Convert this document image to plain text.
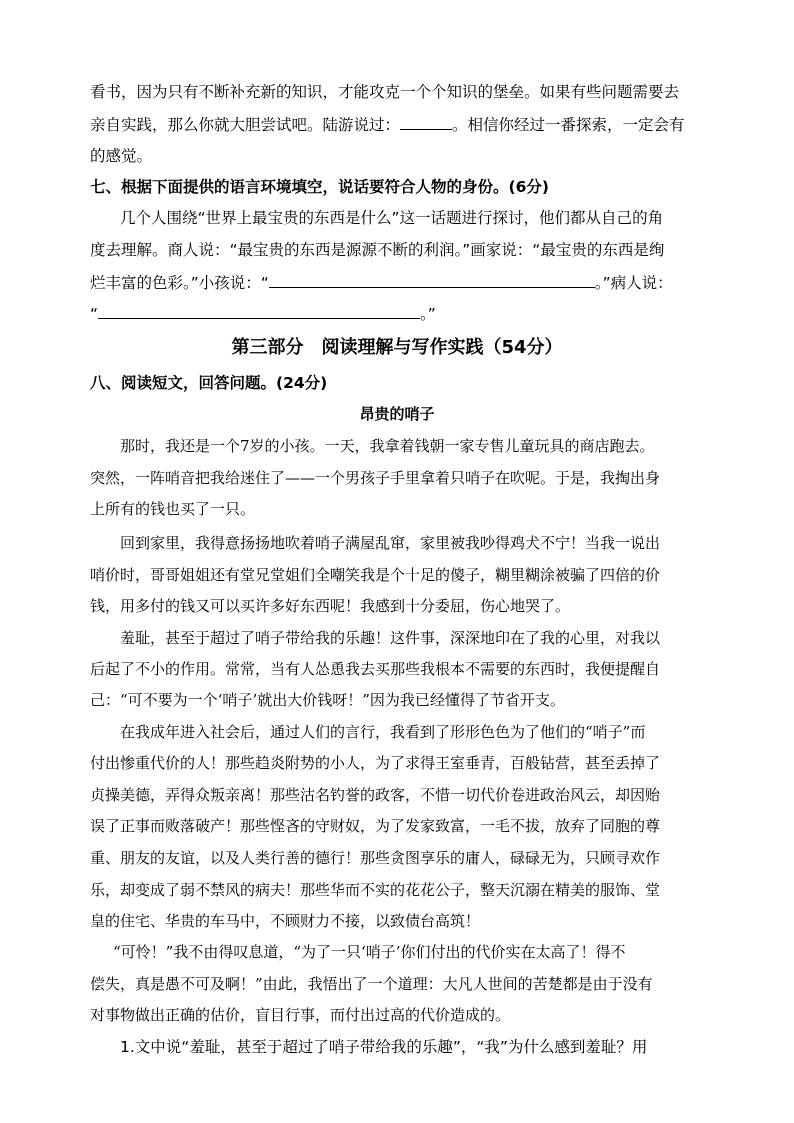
看书，因为只有不断补充新的知识，才能攻克一个个知识的堡垒。如果有些问题需要去
亲自实践，那么你就大胆尝试吧。陆游说过：	。相信你经过一番探索，一定会有
的感觉。
七、根据下面提供的语言环境填空，说话要符合人物的身份。(6分)
几个人围绕“世界上最宝贵的东西是什么”这一话题进行探讨，他们都从自己的角
度去理解。商人说：“最宝贵的东西是源源不断的利润。”画家说：“最宝贵的东西是绚
烂丰富的色彩。”小孩说：“	。”病人说：
“	。”
第三部分　阅读理解与写作实践（54分）
八、阅读短文，回答问题。(24分)
昂贵的哨子
那时，我还是一个7岁的小孩。一天，我拿着钱朝一家专售儿童玩具的商店跑去。
突然，一阵哨音把我给迷住了——一个男孩子手里拿着只哨子在吹呢。于是，我掏出身
上所有的钱也买了一只。
回到家里，我得意扬扬地吹着哨子满屋乱窜，家里被我吵得鸡犬不宁！当我一说出
哨价时，哥哥姐姐还有堂兄堂姐们全嘲笑我是个十足的傻子，糊里糊涂被骗了四倍的价
钱，用多付的钱又可以买许多好东西呢！我感到十分委屈，伤心地哭了。
羞耻，甚至于超过了哨子带给我的乐趣！这件事，深深地印在了我的心里，对我以
后起了不小的作用。常常，当有人怂恿我去买那些我根本不需要的东西时，我便提醒自
己：“可不要为一个‘哨子’就出大价钱呀！”因为我已经懂得了节省开支。
在我成年进入社会后，通过人们的言行，我看到了形形色色为了他们的“哨子”而
付出惨重代价的人！那些趋炎附势的小人，为了求得王室垂青，百般钻营，甚至丢掉了
贞操美德，弄得众叛亲离！那些沽名钓誉的政客，不惜一切代价卷进政治风云，却因贻
误了正事而败落破产！那些悭吝的守财奴，为了发家致富，一毛不拔，放弃了同胞的尊
重、朋友的友谊，以及人类行善的德行！那些贪图享乐的庸人，碌碌无为，只顾寻欢作
乐，却变成了弱不禁风的病夫！那些华而不实的花花公子，整天沉溺在精美的服饰、堂
皇的住宅、华贵的车马中，不顾财力不接，以致债台高筑！
“可怜！”我不由得叹息道，“为了一只‘哨子’你们付出的代价实在太高了！得不
偿失，真是愚不可及啊！”由此，我悟出了一个道理：大凡人世间的苦楚都是由于没有
对事物做出正确的估价，盲目行事，而付出过高的代价造成的。
1.文中说“羞耻，甚至于超过了哨子带给我的乐趣”，“我”为什么感到羞耻？用
